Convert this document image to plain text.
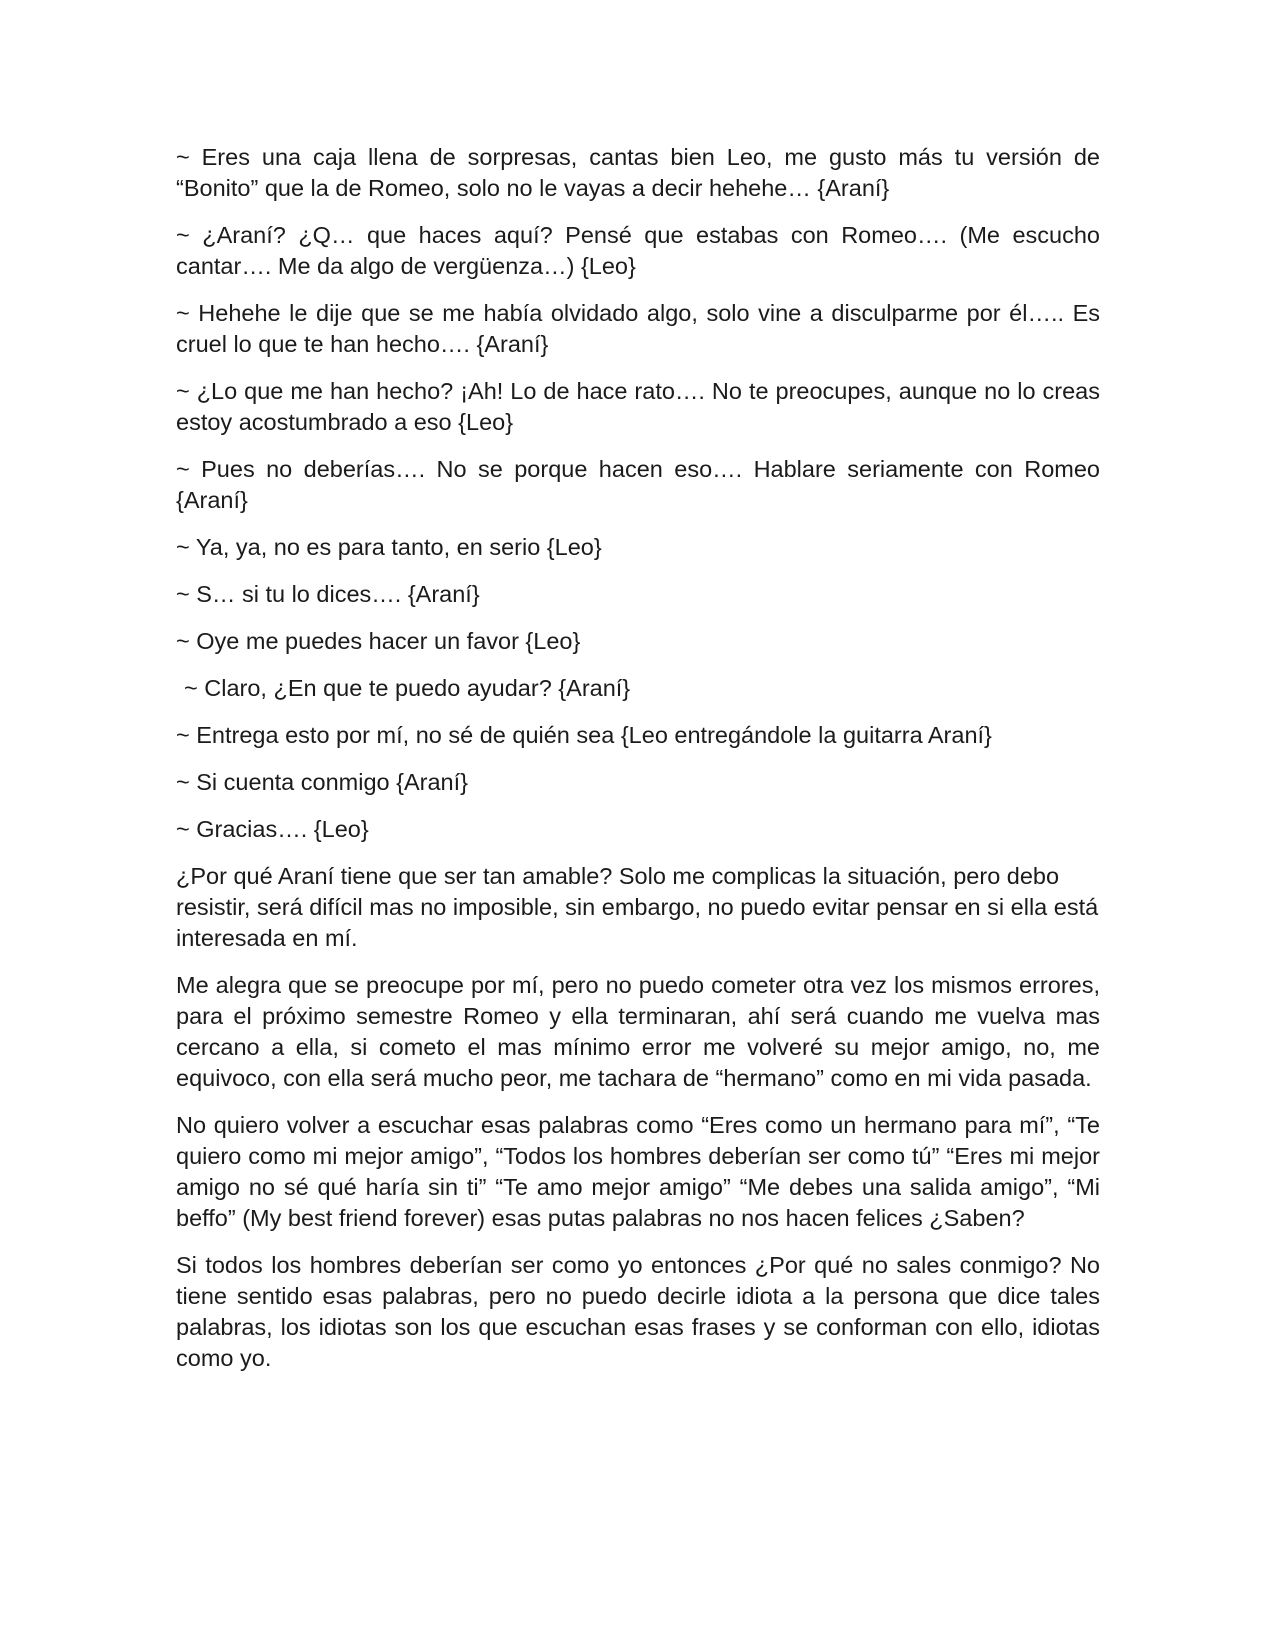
~ Eres una caja llena de sorpresas, cantas bien Leo, me gusto más tu versión de “Bonito” que la de Romeo, solo no le vayas a decir hehehe… {Araní}

~ ¿Araní? ¿Q… que haces aquí? Pensé que estabas con Romeo…. (Me escucho cantar…. Me da algo de vergüenza…) {Leo}

~ Hehehe le dije que se me había olvidado algo, solo vine a disculparme por él….. Es cruel lo que te han hecho…. {Araní}

~ ¿Lo que me han hecho? ¡Ah! Lo de hace rato…. No te preocupes, aunque no lo creas estoy acostumbrado a eso {Leo}

~ Pues no deberías…. No se porque hacen eso…. Hablare seriamente con Romeo {Araní}

~ Ya, ya, no es para tanto, en serio {Leo}

~ S… si tu lo dices…. {Araní}

~ Oye me puedes hacer un favor {Leo}

~ Claro, ¿En que te puedo ayudar? {Araní}

~ Entrega esto por mí, no sé de quién sea {Leo entregándole la guitarra Araní}

~ Si cuenta conmigo {Araní}

~ Gracias…. {Leo}

¿Por qué Araní tiene que ser tan amable? Solo me complicas la situación, pero debo resistir, será difícil mas no imposible, sin embargo, no puedo evitar pensar en si ella está interesada en mí.

Me alegra que se preocupe por mí, pero no puedo cometer otra vez los mismos errores, para el próximo semestre Romeo y ella terminaran, ahí será cuando me vuelva mas cercano a ella, si cometo el mas mínimo error me volveré su mejor amigo, no, me equivoco, con ella será mucho peor, me tachara de “hermano” como en mi vida pasada.

No quiero volver a escuchar esas palabras como “Eres como un hermano para mí”, “Te quiero como mi mejor amigo”, “Todos los hombres deberían ser como tú” “Eres mi mejor amigo no sé qué haría sin ti” “Te amo mejor amigo” “Me debes una salida amigo”, “Mi beffo” (My best friend forever) esas putas palabras no nos hacen felices ¿Saben?

Si todos los hombres deberían ser como yo entonces ¿Por qué no sales conmigo? No tiene sentido esas palabras, pero no puedo decirle idiota a la persona que dice tales palabras, los idiotas son los que escuchan esas frases y se conforman con ello, idiotas como yo.
